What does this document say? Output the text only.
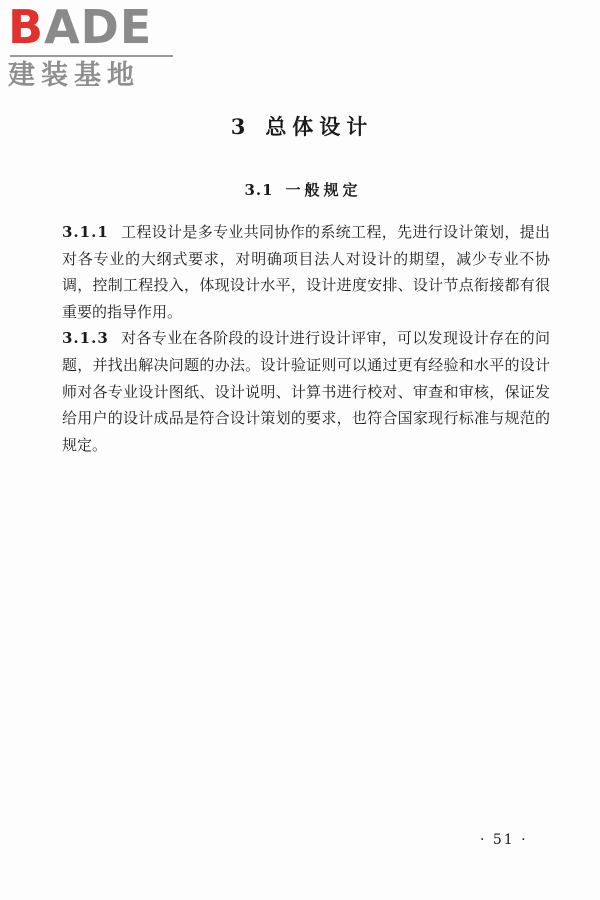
BADE
建装基地
3 总体设计
3.1 一般规定

3.1.1 工程设计是多专业共同协作的系统工程，先进行设计策划，提出对各专业的大纲式要求，对明确项目法人对设计的期望，减少专业不协调，控制工程投入，体现设计水平，设计进度安排、设计节点衔接都有很重要的指导作用。

3.1.3 对各专业在各阶段的设计进行设计评审，可以发现设计存在的问题，并找出解决问题的办法。设计验证则可以通过更有经验和水平的设计师对各专业设计图纸、设计说明、计算书进行校对、审查和审核，保证发给用户的设计成品是符合设计策划的要求，也符合国家现行标准与规范的规定。

· 51 ·
